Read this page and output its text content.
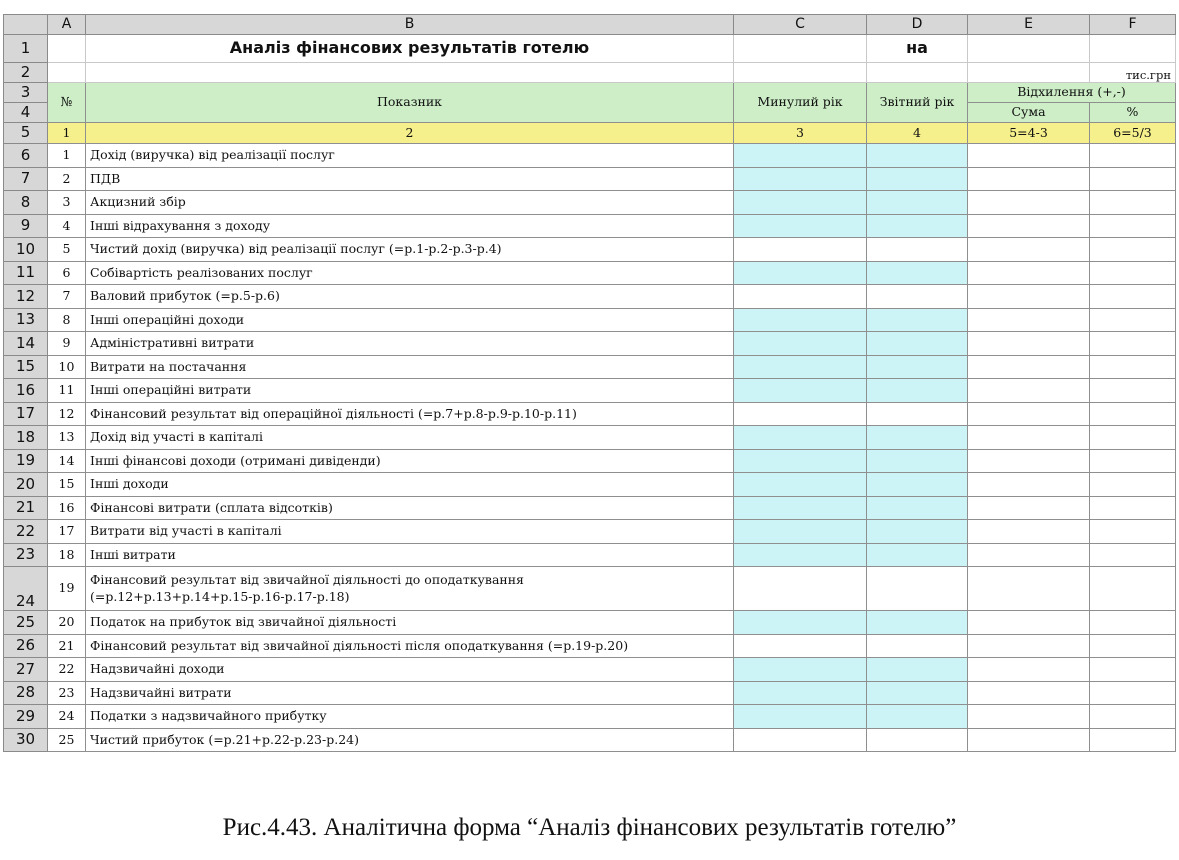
	A	B	C	D	E	F
1		Аналіз фінансових результатів готелю		на		
2						тис.грн
3	№	Показник	Минулий рік	Звітний рік	Відхилення (+,-)	
4					Сума	%
5	1	2	3	4	5=4-3	6=5/3
6	1	Дохід (виручка) від реалізації послуг				
7	2	ПДВ				
8	3	Акцизний збір				
9	4	Інші відрахування з доходу				
10	5	Чистий дохід (виручка) від реалізації послуг (=р.1-р.2-р.3-р.4)				
11	6	Собівартість реалізованих послуг				
12	7	Валовий прибуток (=р.5-р.6)				
13	8	Інші операційні доходи				
14	9	Адміністративні витрати				
15	10	Витрати на постачання				
16	11	Інші операційні витрати				
17	12	Фінансовий результат від операційної діяльності (=р.7+р.8-р.9-р.10-р.11)				
18	13	Дохід від участі в капіталі				
19	14	Інші фінансові доходи (отримані дивіденди)				
20	15	Інші доходи				
21	16	Фінансові витрати (сплата відсотків)				
22	17	Витрати від участі в капіталі				
23	18	Інші витрати				
24	19	Фінансовий результат від звичайної діяльності до оподаткування
(=р.12+р.13+р.14+р.15-р.16-р.17-р.18)				

25	20	Податок на прибуток від звичайної діяльності				
26	21	Фінансовий результат від звичайної діяльності після оподаткування (=р.19-р.20)				
27	22	Надзвичайні доходи				
28	23	Надзвичайні витрати				
29	24	Податки з надзвичайного прибутку				
30	25	Чистий прибуток (=р.21+р.22-р.23-р.24)				
Рис.4.43. Аналітична форма “Аналіз фінансових результатів готелю”
